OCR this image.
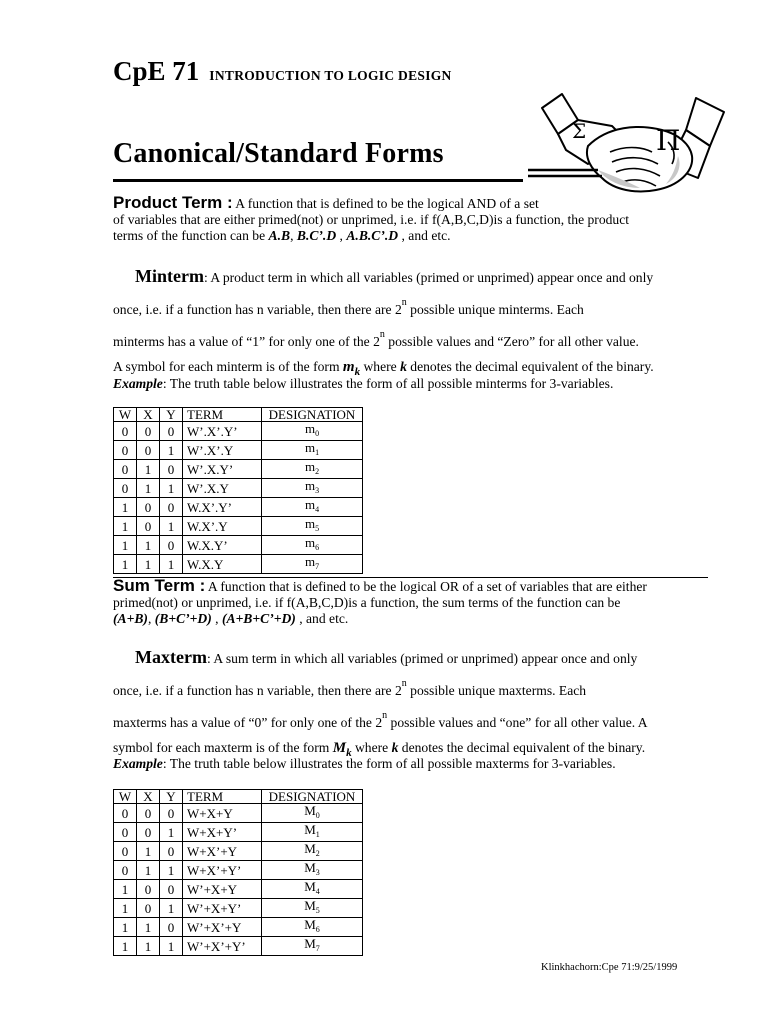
CpE 71 INTRODUCTION TO LOGIC DESIGN
Canonical/Standard Forms
Σ Π
Product Term : A function that is defined to be the logical AND of a set
of variables that are either primed(not) or unprimed, i.e. if f(A,B,C,D)is a function, the product
terms of the function can be A.B, B.C’.D , A.B.C’.D , and etc.
Minterm: A product term in which all variables (primed or unprimed) appear once and only
once, i.e. if a function has n variable, then there are 2$^n$ possible unique minterms. Each
minterms has a value of “1” for only one of the 2$^n$ possible values and “Zero” for all other value.
A symbol for each minterm is of the form $m_k$ where k denotes the decimal equivalent of the binary.
Example: The truth table below illustrates the form of all possible minterms for 3-variables.
W	X	Y	TERM	DESIGNATION
0	0	0	W’.X’.Y’	$m_0$
0	0	1	W’.X’.Y	$m_1$
0	1	0	W’.X.Y’	$m_2$
0	1	1	W’.X.Y	$m_3$
1	0	0	W.X’.Y’	$m_4$
1	0	1	W.X’.Y	$m_5$
1	1	0	W.X.Y’	$m_6$
1	1	1	W.X.Y	$m_7$
Sum Term : A function that is defined to be the logical OR of a set of variables that are either
primed(not) or unprimed, i.e. if f(A,B,C,D)is a function, the sum terms of the function can be
(A+B), (B+C’+D) , (A+B+C’+D) , and etc.
Maxterm: A sum term in which all variables (primed or unprimed) appear once and only
once, i.e. if a function has n variable, then there are 2$^n$ possible unique maxterms. Each
maxterms has a value of “0” for only one of the 2$^n$ possible values and “one” for all other value. A
symbol for each maxterm is of the form $M_k$ where k denotes the decimal equivalent of the binary.
Example: The truth table below illustrates the form of all possible maxterms for 3-variables.
W	X	Y	TERM	DESIGNATION
0	0	0	W+X+Y	$M_0$
0	0	1	W+X+Y’	$M_1$
0	1	0	W+X’+Y	$M_2$
0	1	1	W+X’+Y’	$M_3$
1	0	0	W’+X+Y	$M_4$
1	0	1	W’+X+Y’	$M_5$
1	1	0	W’+X’+Y	$M_6$
1	1	1	W’+X’+Y’	$M_7$
Klinkhachorn:Cpe 71:9/25/1999
